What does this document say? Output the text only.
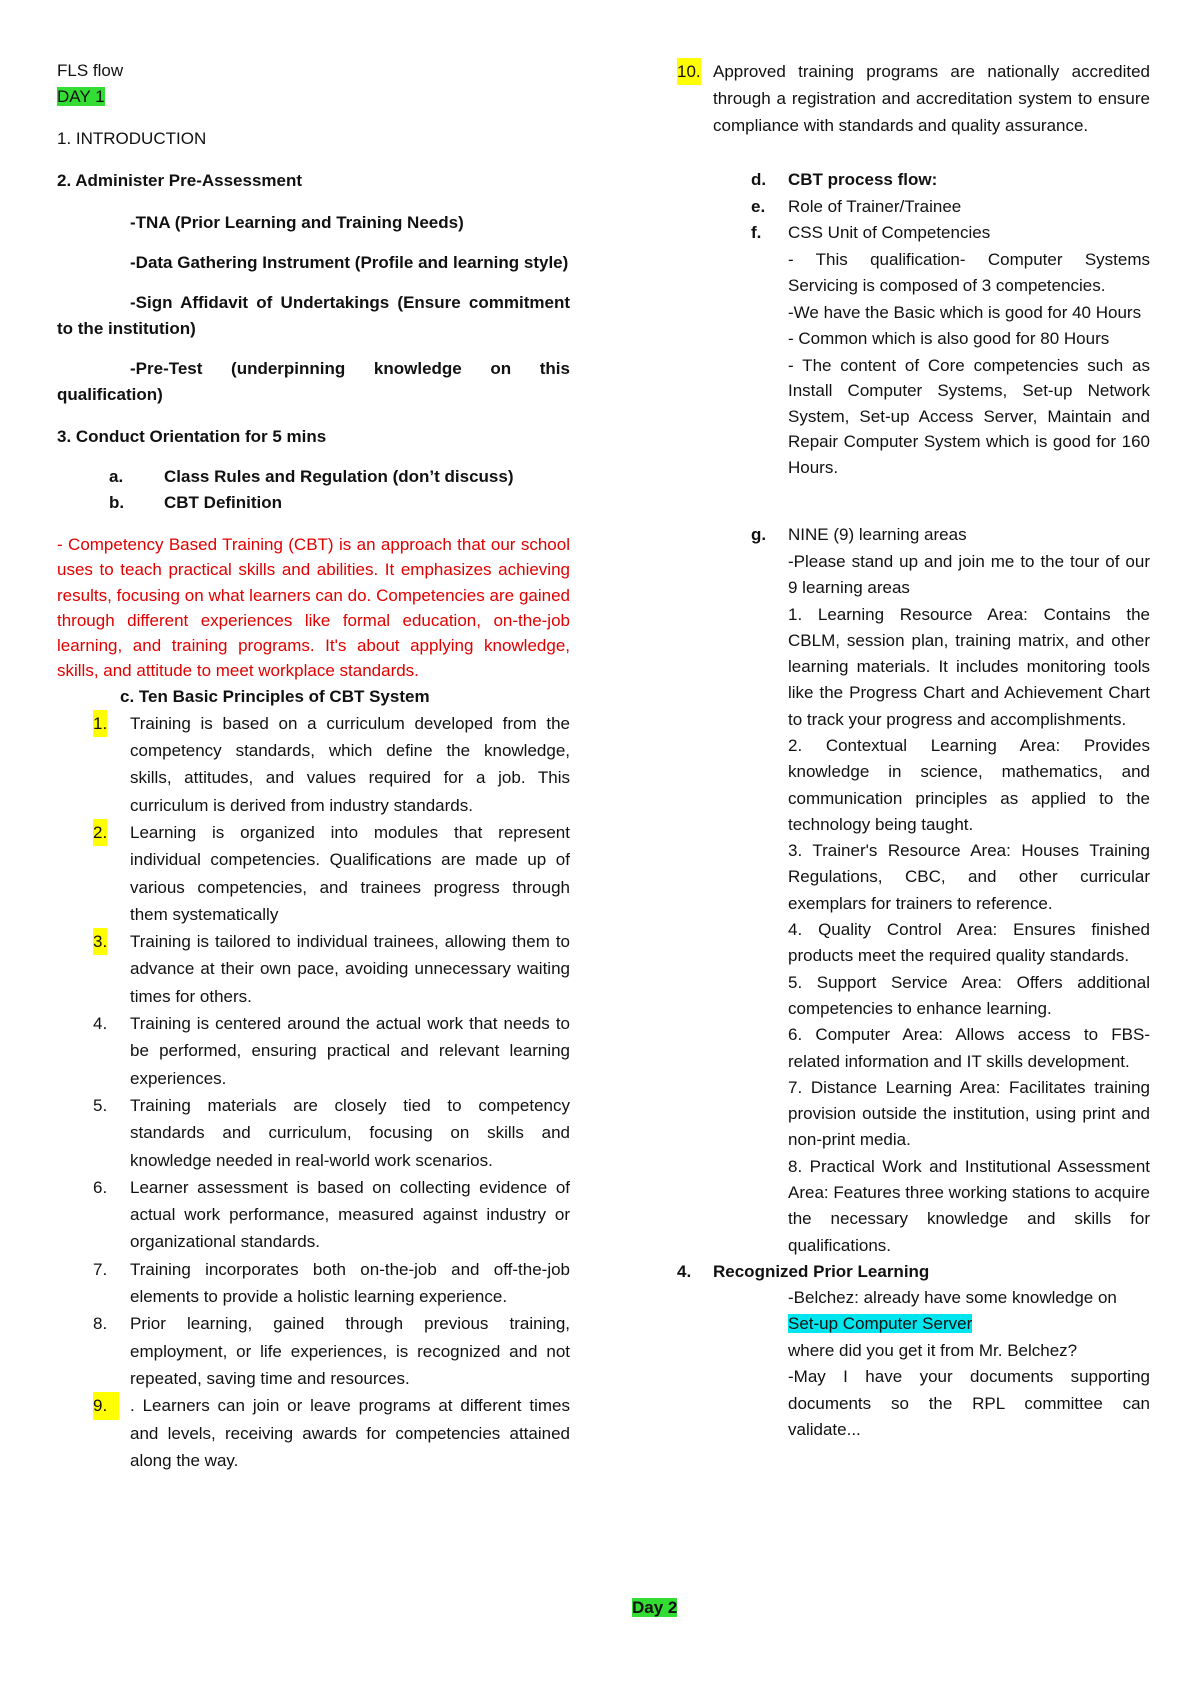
FLS flow
DAY 1
1. INTRODUCTION
2. Administer Pre-Assessment
-TNA (Prior Learning and Training Needs)
-Data Gathering Instrument (Profile and learning style)
-Sign Affidavit of Undertakings (Ensure commitment to the institution)
-Pre-Test (underpinning knowledge on this qualification)
3. Conduct Orientation for 5 mins
a. Class Rules and Regulation (don’t discuss)
b. CBT Definition
- Competency Based Training (CBT) is an approach that our school uses to teach practical skills and abilities. It emphasizes achieving results, focusing on what learners can do. Competencies are gained through different experiences like formal education, on-the-job learning, and training programs. It's about applying knowledge, skills, and attitude to meet workplace standards.
c. Ten Basic Principles of CBT System
1. Training is based on a curriculum developed from the competency standards, which define the knowledge, skills, attitudes, and values required for a job. This curriculum is derived from industry standards.
2. Learning is organized into modules that represent individual competencies. Qualifications are made up of various competencies, and trainees progress through them systematically
3. Training is tailored to individual trainees, allowing them to advance at their own pace, avoiding unnecessary waiting times for others.
4. Training is centered around the actual work that needs to be performed, ensuring practical and relevant learning experiences.
5. Training materials are closely tied to competency standards and curriculum, focusing on skills and knowledge needed in real-world work scenarios.
6. Learner assessment is based on collecting evidence of actual work performance, measured against industry or organizational standards.
7. Training incorporates both on-the-job and off-the-job elements to provide a holistic learning experience.
8. Prior learning, gained through previous training, employment, or life experiences, is recognized and not repeated, saving time and resources.
9.	. Learners can join or leave programs at different times and levels, receiving awards for competencies attained along the way.
10. Approved training programs are nationally accredited through a registration and accreditation system to ensure compliance with standards and quality assurance.
d. CBT process flow:
e. Role of Trainer/Trainee
f. CSS Unit of Competencies
- This qualification- Computer Systems Servicing is composed of 3 competencies.
-We have the Basic which is good for 40 Hours
- Common which is also good for 80 Hours
- The content of Core competencies such as Install Computer Systems, Set-up Network System, Set-up Access Server, Maintain and Repair Computer System which is good for 160 Hours.
g. NINE (9) learning areas
-Please stand up and join me to the tour of our 9 learning areas
1. Learning Resource Area: Contains the CBLM, session plan, training matrix, and other learning materials. It includes monitoring tools like the Progress Chart and Achievement Chart to track your progress and accomplishments.
2. Contextual Learning Area: Provides knowledge in science, mathematics, and communication principles as applied to the technology being taught.
3. Trainer's Resource Area: Houses Training Regulations, CBC, and other curricular exemplars for trainers to reference.
4. Quality Control Area: Ensures finished products meet the required quality standards.
5. Support Service Area: Offers additional competencies to enhance learning.
6. Computer Area: Allows access to FBS-related information and IT skills development.
7. Distance Learning Area: Facilitates training provision outside the institution, using print and non-print media.
8. Practical Work and Institutional Assessment Area: Features three working stations to acquire the necessary knowledge and skills for qualifications.
4. Recognized Prior Learning
-Belchez: already have some knowledge on
Set-up Computer Server
where did you get it from Mr. Belchez?
-May I have your documents supporting documents so the RPL committee can validate...
Day 2
